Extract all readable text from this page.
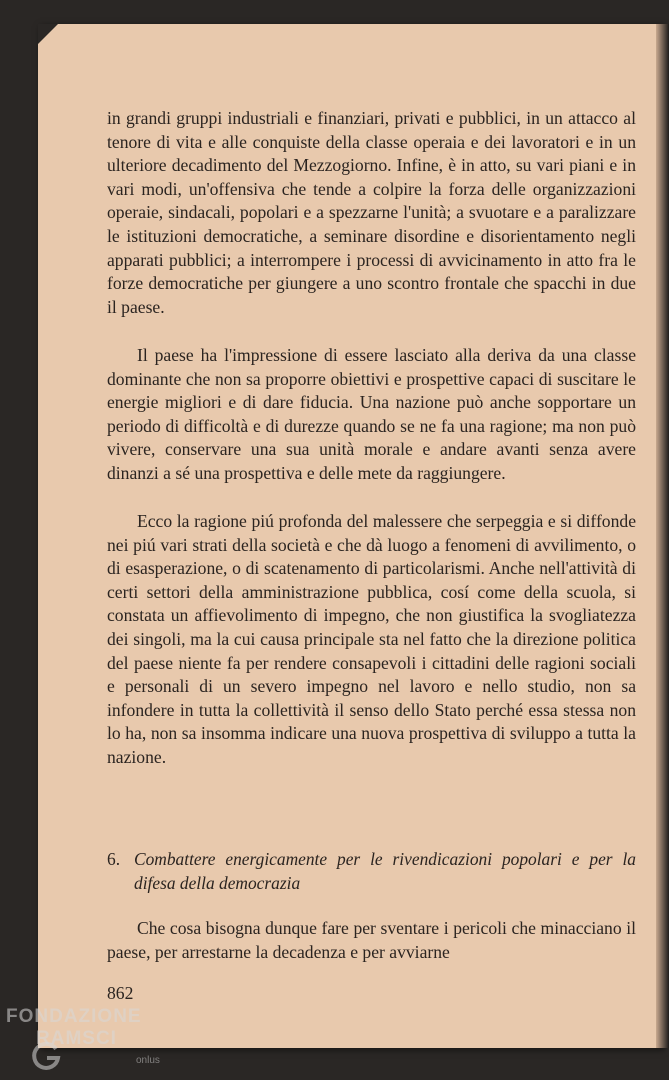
in grandi gruppi industriali e finanziari, privati e pubblici, in un attacco al tenore di vita e alle conquiste della classe operaia e dei lavoratori e in un ulteriore decadimento del Mezzogiorno. Infine, è in atto, su vari piani e in vari modi, un'offensiva che tende a colpire la forza delle organizzazioni operaie, sindacali, popolari e a spezzarne l'unità; a svuotare e a paralizzare le istituzioni democratiche, a seminare disordine e disorientamento negli apparati pubblici; a interrompere i processi di avvicinamento in atto fra le forze democratiche per giungere a uno scontro frontale che spacchi in due il paese.

Il paese ha l'impressione di essere lasciato alla deriva da una classe dominante che non sa proporre obiettivi e prospettive capaci di suscitare le energie migliori e di dare fiducia. Una nazione può anche sopportare un periodo di difficoltà e di durezze quando se ne fa una ragione; ma non può vivere, conservare una sua unità morale e andare avanti senza avere dinanzi a sé una prospettiva e delle mete da raggiungere.

Ecco la ragione piú profonda del malessere che serpeggia e si diffonde nei piú vari strati della società e che dà luogo a fenomeni di avvilimento, o di esasperazione, o di scatenamento di particolarismi. Anche nell'attività di certi settori della amministrazione pubblica, cosí come della scuola, si constata un affievolimento di impegno, che non giustifica la svogliatezza dei singoli, ma la cui causa principale sta nel fatto che la direzione politica del paese niente fa per rendere consapevoli i cittadini delle ragioni sociali e personali di un severo impegno nel lavoro e nello studio, non sa infondere in tutta la collettività il senso dello Stato perché essa stessa non lo ha, non sa insomma indicare una nuova prospettiva di sviluppo a tutta la nazione.

6. Combattere energicamente per le rivendicazioni popolari e per la difesa della democrazia

Che cosa bisogna dunque fare per sventare i pericoli che minacciano il paese, per arrestarne la decadenza e per avviarne

862
FONDAZIONE
RAMSCI
onlus
